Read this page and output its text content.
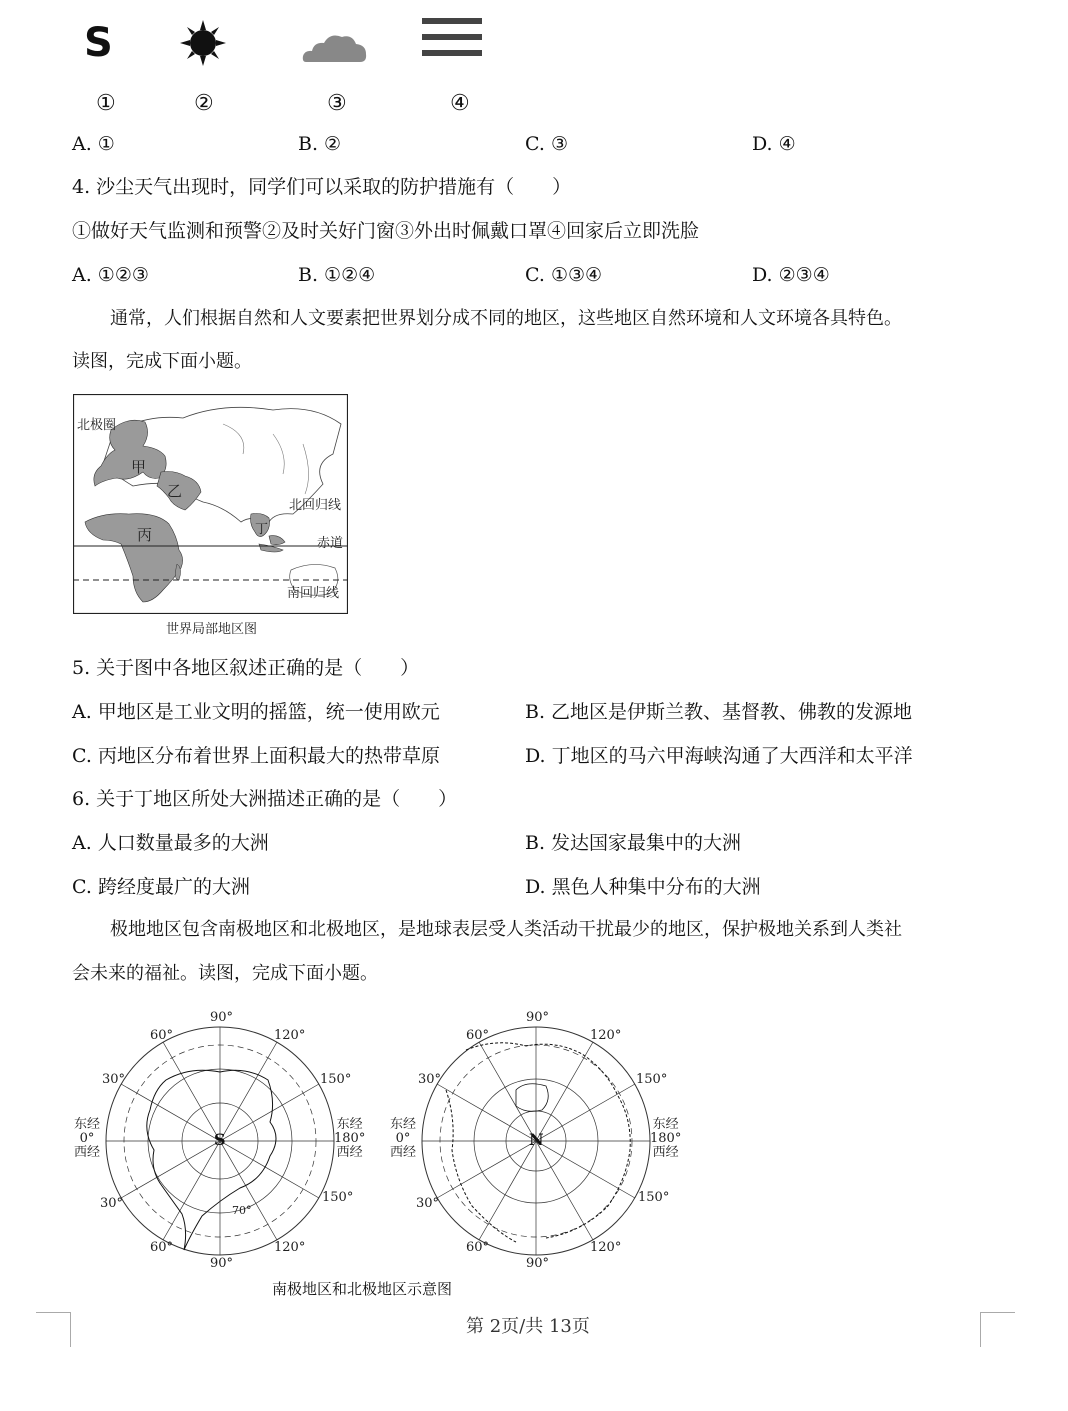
S
①	②	③	④
A. ①	B. ②	C. ③	D. ④
4. 沙尘天气出现时，同学们可以采取的防护措施有（　　）
①做好天气监测和预警②及时关好门窗③外出时佩戴口罩④回家后立即洗脸
A. ①②③	B. ①②④	C. ①③④	D. ②③④
通常，人们根据自然和人文要素把世界划分成不同的地区，这些地区自然环境和人文环境各具特色。
读图，完成下面小题。
北极圈
甲
乙
丙	丁
北回归线
赤道
南回归线
世界局部地区图
5. 关于图中各地区叙述正确的是（　　）
A. 甲地区是工业文明的摇篮，统一使用欧元	B. 乙地区是伊斯兰教、基督教、佛教的发源地
C. 丙地区分布着世界上面积最大的热带草原	D. 丁地区的马六甲海峡沟通了大西洋和太平洋
6. 关于丁地区所处大洲描述正确的是（　　）
A. 人口数量最多的大洲	B. 发达国家最集中的大洲
C. 跨经度最广的大洲	D. 黑色人种集中分布的大洲
极地地区包含南极地区和北极地区，是地球表层受人类活动干扰最少的地区，保护极地关系到人类社
会未来的福祉。读图，完成下面小题。
S
90°
90°
60°	120°
60°	120°
30°	150°
30°	150°
70°
东经
0°
西经
东经
180°
西经
N
90°
90°
60°	120°
60°	120°
30°	150°
30°	150°
东经
0°
西经
东经
180°
西经
南极地区和北极地区示意图
第 2页/共 13页
